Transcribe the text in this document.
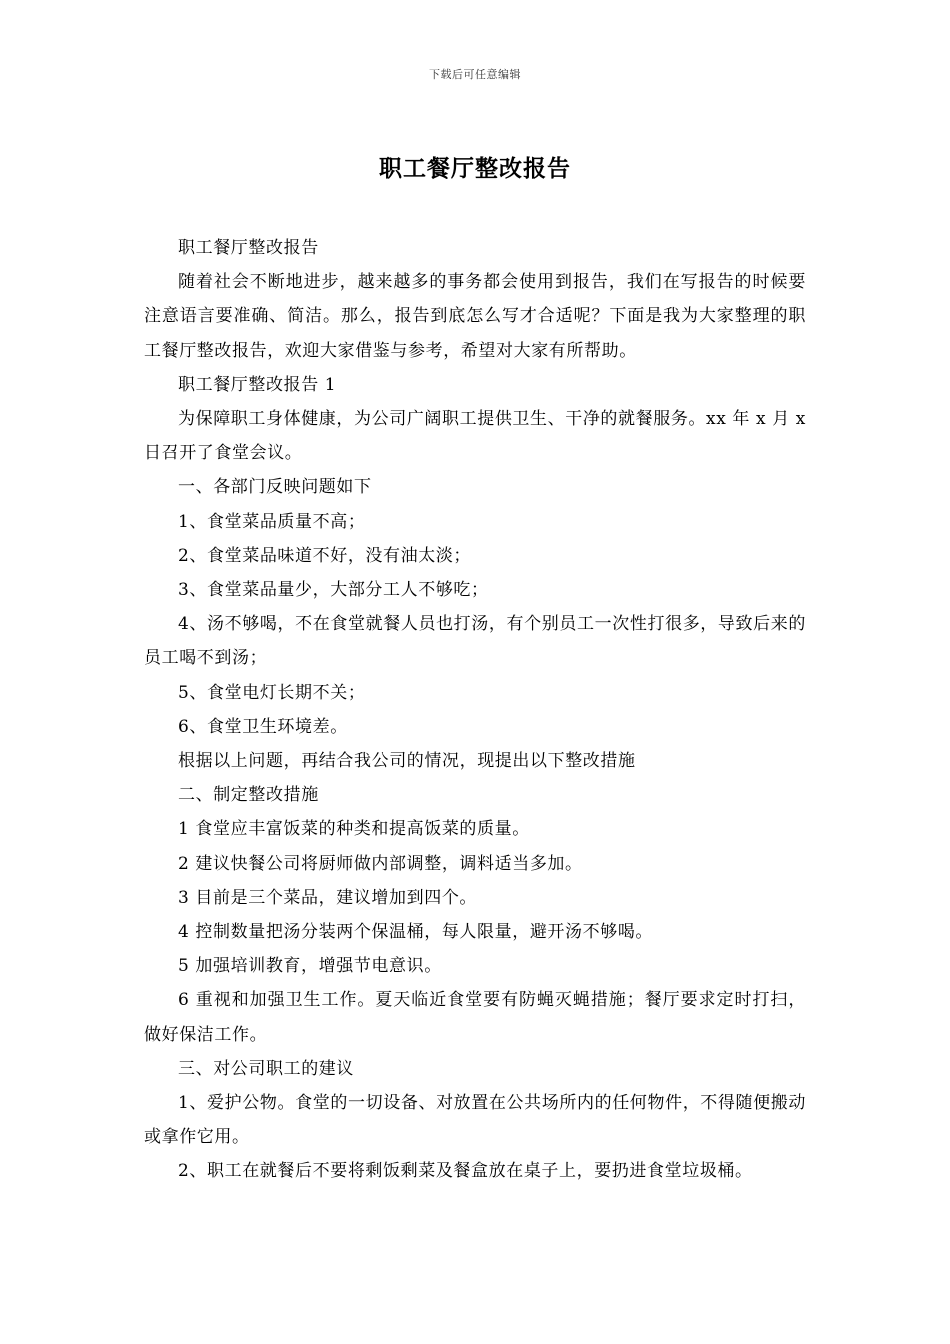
下载后可任意编辑
职工餐厅整改报告

职工餐厅整改报告

随着社会不断地进步，越来越多的事务都会使用到报告，我们在写报告的时候要注意语言要准确、简洁。那么，报告到底怎么写才合适呢？下面是我为大家整理的职工餐厅整改报告，欢迎大家借鉴与参考，希望对大家有所帮助。

职工餐厅整改报告 1

为保障职工身体健康，为公司广阔职工提供卫生、干净的就餐服务。xx 年 x 月 x 日召开了食堂会议。

一、各部门反映问题如下

1、食堂菜品质量不高；

2、食堂菜品味道不好，没有油太淡；

3、食堂菜品量少，大部分工人不够吃；

4、汤不够喝，不在食堂就餐人员也打汤，有个别员工一次性打很多，导致后来的员工喝不到汤；

5、食堂电灯长期不关；

6、食堂卫生环境差。

根据以上问题，再结合我公司的情况，现提出以下整改措施

二、制定整改措施

1 食堂应丰富饭菜的种类和提高饭菜的质量。

2 建议快餐公司将厨师做内部调整，调料适当多加。

3 目前是三个菜品，建议增加到四个。

4 控制数量把汤分装两个保温桶，每人限量，避开汤不够喝。

5 加强培训教育，增强节电意识。

6 重视和加强卫生工作。夏天临近食堂要有防蝇灭蝇措施；餐厅要求定时打扫，做好保洁工作。

三、对公司职工的建议

1、爱护公物。食堂的一切设备、对放置在公共场所内的任何物件，不得随便搬动或拿作它用。

2、职工在就餐后不要将剩饭剩菜及餐盒放在桌子上，要扔进食堂垃圾桶。
